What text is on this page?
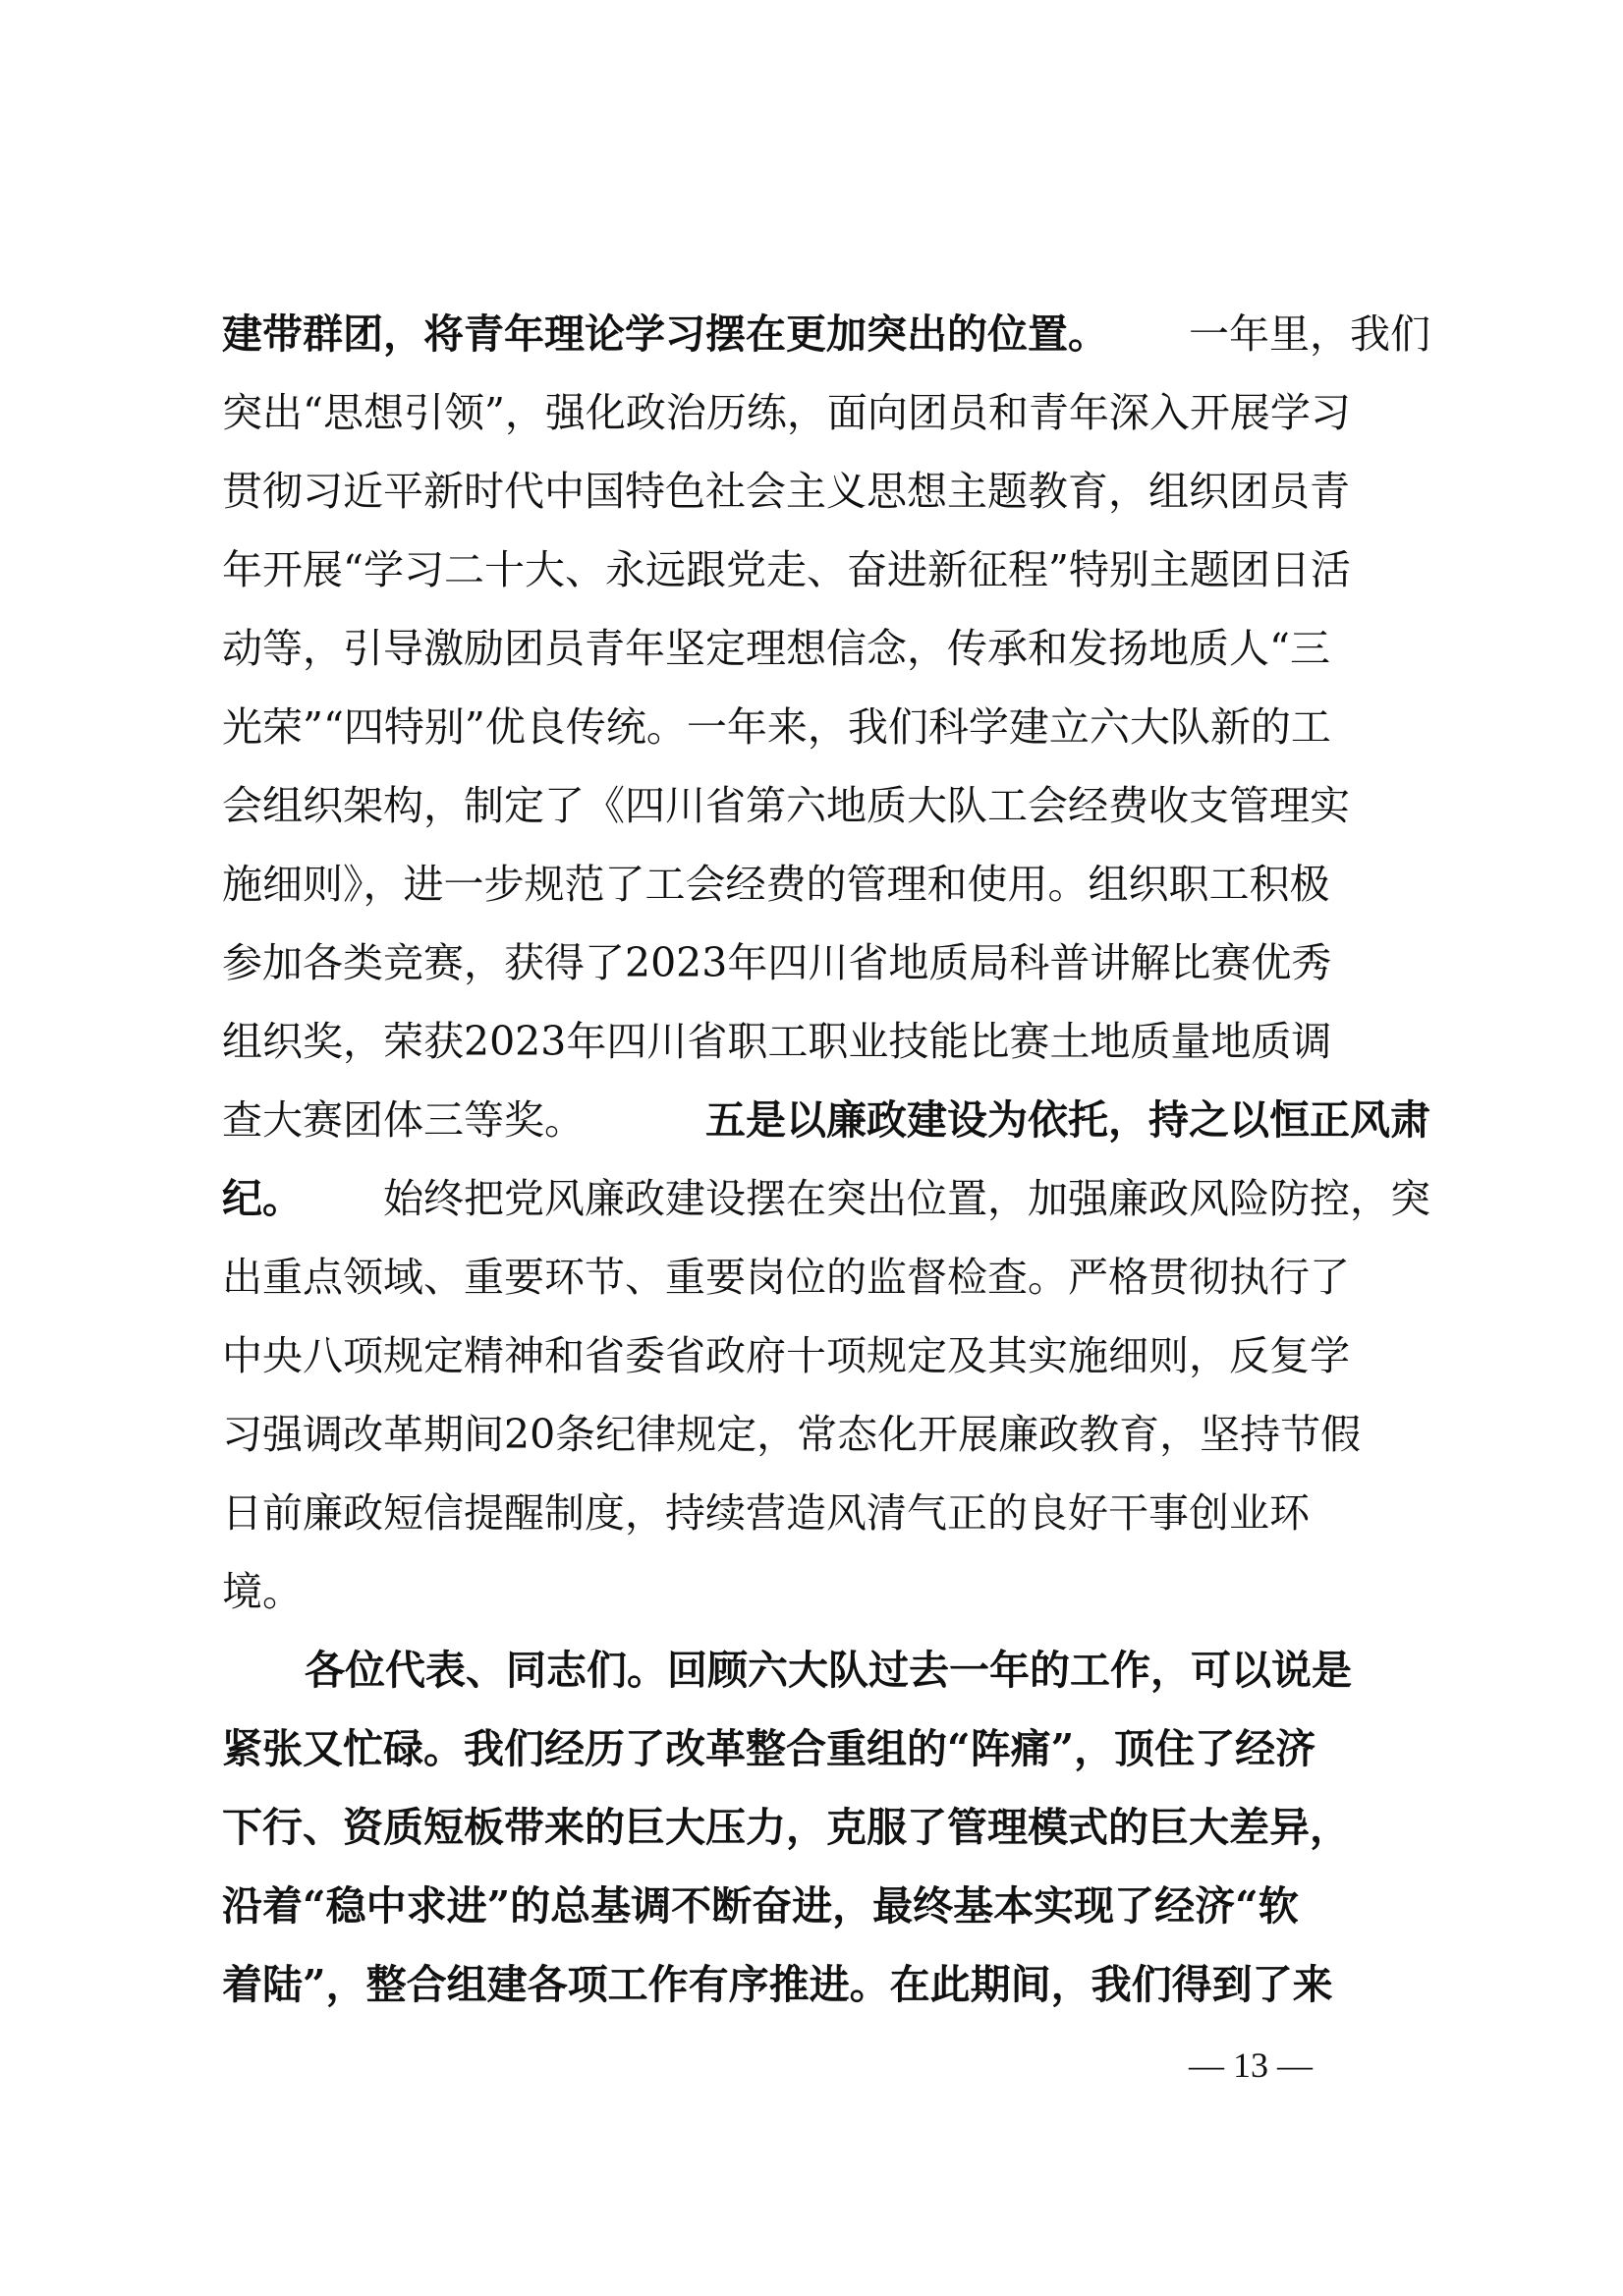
建带群团，将青年理论学习摆在更加突出的位置。 一年里，我们
突出“思想引领”，强化政治历练，面向团员和青年深入开展学习
贯彻习近平新时代中国特色社会主义思想主题教育，组织团员青
年开展“学习二十大、永远跟党走、奋进新征程”特别主题团日活
动等，引导激励团员青年坚定理想信念，传承和发扬地质人“三
光荣”“四特别”优良传统。一年来，我们科学建立六大队新的工
会组织架构，制定了《四川省第六地质大队工会经费收支管理实
施细则》，进一步规范了工会经费的管理和使用。组织职工积极
参加各类竞赛，获得了2023年四川省地质局科普讲解比赛优秀
组织奖，荣获2023年四川省职工职业技能比赛土地质量地质调
查大赛团体三等奖。	五是以廉政建设为依托，持之以恒正风肃
纪。 始终把党风廉政建设摆在突出位置，加强廉政风险防控，突
出重点领域、重要环节、重要岗位的监督检查。严格贯彻执行了
中央八项规定精神和省委省政府十项规定及其实施细则，反复学
习强调改革期间20条纪律规定，常态化开展廉政教育，坚持节假
日前廉政短信提醒制度，持续营造风清气正的良好干事创业环
境。
各位代表、同志们。回顾六大队过去一年的工作，可以说是
紧张又忙碌。我们经历了改革整合重组的“阵痛”，顶住了经济
下行、资质短板带来的巨大压力，克服了管理模式的巨大差异，
沿着“稳中求进”的总基调不断奋进，最终基本实现了经济“软
着陆”，整合组建各项工作有序推进。在此期间，我们得到了来
— 13 —
